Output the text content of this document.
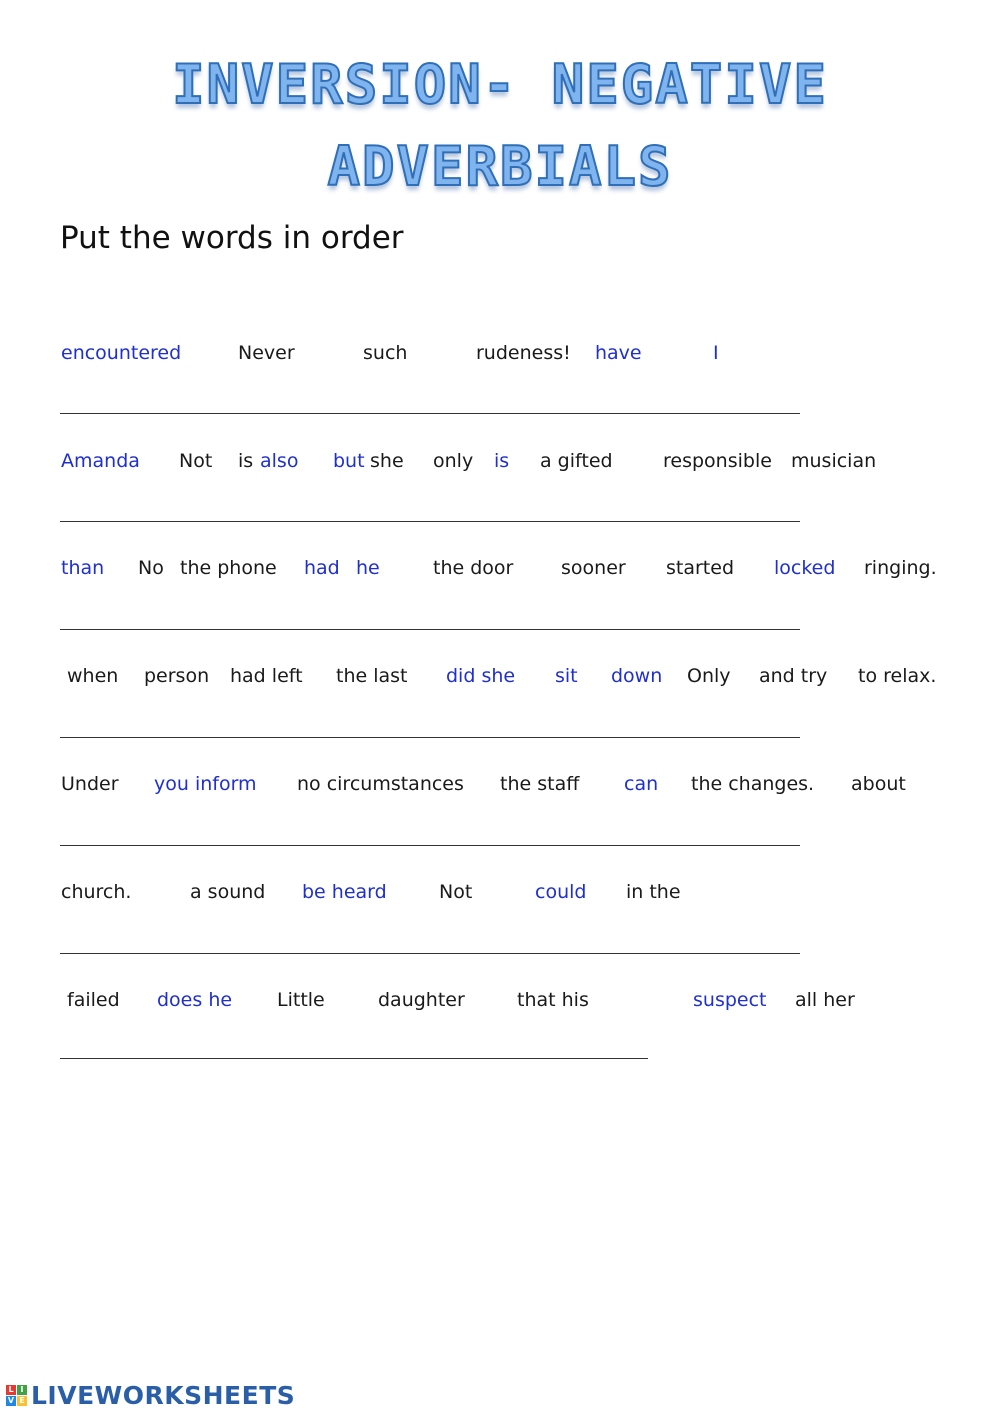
INVERSION- NEGATIVE
ADVERBIALS
Put the words in order
encountered	Never	such	rudeness! have	I
Amanda Not is also but she only is a gifted	responsible musician
than No the phone had he	the door	sooner started locked ringing.
when person had left the last did she sit down Only and try to relax.
Under you inform no circumstances the staff can the changes. about
church.	a sound be heard	Not	could in the
failed does he Little	daughter	that his	suspect all her
L I
V E LIVEWORKSHEETS
